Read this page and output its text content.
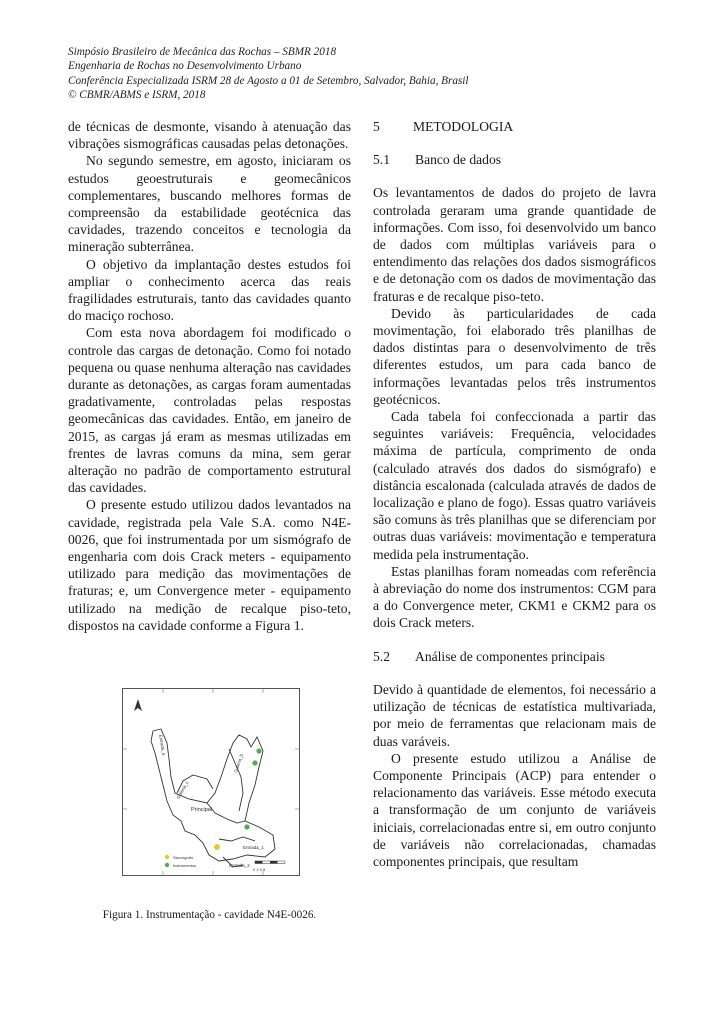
Simpósio Brasileiro de Mecânica das Rochas – SBMR 2018
Engenharia de Rochas no Desenvolvimento Urbano
Conferência Especializada ISRM 28 de Agosto a 01 de Setembro, Salvador, Bahia, Brasil
© CBMR/ABMS e ISRM, 2018

de técnicas de desmonte, visando à atenuação das vibrações sismográficas causadas pelas detonações.

No segundo semestre, em agosto, iniciaram os estudos geoestruturais e geomecânicos complementares, buscando melhores formas de compreensão da estabilidade geotécnica das cavidades, trazendo conceitos e tecnologia da mineração subterrânea.

O objetivo da implantação destes estudos foi ampliar o conhecimento acerca das reais fragilidades estruturais, tanto das cavidades quanto do maciço rochoso.

Com esta nova abordagem foi modificado o controle das cargas de detonação. Como foi notado pequena ou quase nenhuma alteração nas cavidades durante as detonações, as cargas foram aumentadas gradativamente, controladas pelas respostas geomecânicas das cavidades. Então, em janeiro de 2015, as cargas já eram as mesmas utilizadas em frentes de lavras comuns da mina, sem gerar alteração no padrão de comportamento estrutural das cavidades.

O presente estudo utilizou dados levantados na cavidade, registrada pela Vale S.A. como N4E-0026, que foi instrumentada por um sismógrafo de engenharia com dois Crack meters - equipamento utilizado para medição das movimentações de fraturas; e, um Convergence meter - equipamento utilizado na medição de recalque piso-teto, dispostos na cavidade conforme a Figura 1.

Principal
Entrada_1
Entrada_2
Entrada_a
Galeria_b
Galeria_c
Sismógrafo
Instrumentos
0 2 4 8
Figura 1. Instrumentação - cavidade N4E-0026.
5	METODOLOGIA
5.1	Banco de dados

Os levantamentos de dados do projeto de lavra controlada geraram uma grande quantidade de informações. Com isso, foi desenvolvido um banco de dados com múltiplas variáveis para o entendimento das relações dos dados sismográficos e de detonação com os dados de movimentação das fraturas e de recalque piso-teto.

Devido às particularidades de cada movimentação, foi elaborado três planilhas de dados distintas para o desenvolvimento de três diferentes estudos, um para cada banco de informações levantadas pelos três instrumentos geotécnicos.

Cada tabela foi confeccionada a partir das seguintes variáveis: Frequência, velocidades máxima de partícula, comprimento de onda (calculado através dos dados do sismógrafo) e distância escalonada (calculada através de dados de localização e plano de fogo). Essas quatro variáveis são comuns às três planilhas que se diferenciam por outras duas variáveis: movimentação e temperatura medida pela instrumentação.

Estas planilhas foram nomeadas com referência à abreviação do nome dos instrumentos: CGM para a do Convergence meter, CKM1 e CKM2 para os dois Crack meters.

5.2	Análise de componentes principais

Devido à quantidade de elementos, foi necessário a utilização de técnicas de estatística multivariada, por meio de ferramentas que relacionam mais de duas varáveis.

O presente estudo utilizou a Análise de Componente Principais (ACP) para entender o relacionamento das variáveis. Esse método executa a transformação de um conjunto de variáveis iniciais, correlacionadas entre si, em outro conjunto de variáveis não correlacionadas, chamadas componentes principais, que resultam
